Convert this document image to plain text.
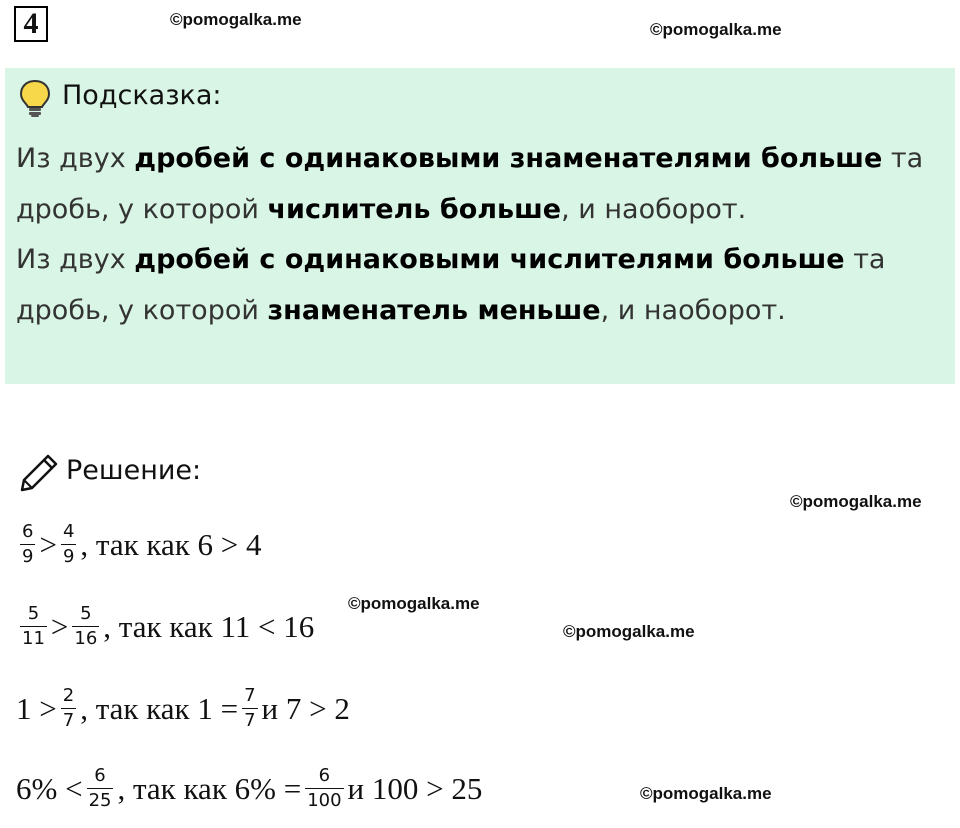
4	©pomogalka.me
©pomogalka.me
©pomogalka.me
©pomogalka.me
©pomogalka.me
©pomogalka.me
Подсказка:
Из двух дробей с одинаковыми знаменателями больше та
дробь, у которой числитель больше, и наоборот.
Из двух дробей с одинаковыми числителями больше та
дробь, у которой знаменатель меньше, и наоборот.
Решение:
$\frac{6}{9} > \frac{4}{9}$ , так как 6 > 4
$\frac{5}{11} > \frac{5}{16}$ , так как 11 < 16
$1 > \frac{2}{7}$ , так как $1 = \frac{7}{7}$ и 7 > 2
$6\% < \frac{6}{25}$ , так как $6\% = \frac{6}{100}$ и 100 > 25
